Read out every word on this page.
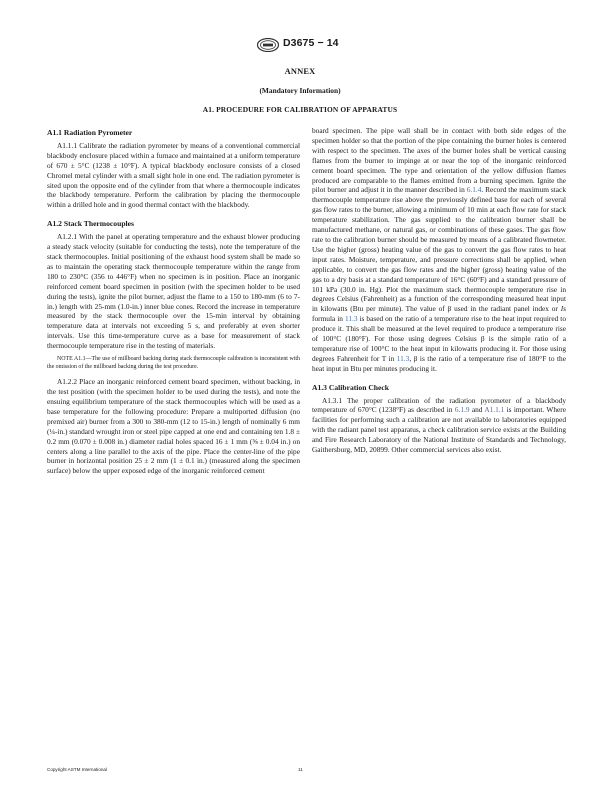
D3675 − 14
ANNEX
(Mandatory Information)
A1. PROCEDURE FOR CALIBRATION OF APPARATUS
A1.1 Radiation Pyrometer

A1.1.1 Calibrate the radiation pyrometer by means of a conventional commercial blackbody enclosure placed within a furnace and maintained at a uniform temperature of 670 ± 5°C (1238 ± 10°F). A typical blackbody enclosure consists of a closed Chromel metal cylinder with a small sight hole in one end. The radiation pyrometer is sited upon the opposite end of the cylinder from that where a thermocouple indicates the blackbody temperature. Perform the calibration by placing the thermocouple within a drilled hole and in good thermal contact with the blackbody.

A1.2 Stack Thermocouples

A1.2.1 With the panel at operating temperature and the exhaust blower producing a steady stack velocity (suitable for conducting the tests), note the temperature of the stack thermocouples. Initial positioning of the exhaust hood system shall be made so as to maintain the operating stack thermocouple temperature within the range from 180 to 230°C (356 to 446°F) when no specimen is in position. Place an inorganic reinforced cement board specimen in position (with the specimen holder to be used during the tests), ignite the pilot burner, adjust the flame to a 150 to 180-mm (6 to 7-in.) length with 25-mm (1.0-in.) inner blue cones. Record the increase in temperature measured by the stack thermocouple over the 15-min interval by obtaining temperature data at intervals not exceeding 5 s, and preferably at even shorter intervals. Use this time-temperature curve as a base for measurement of stack thermocouple temperature rise in the testing of materials.

NOTE A1.1—The use of millboard backing during stack thermocouple calibration is inconsistent with the omission of the millboard backing during the test procedure.

A1.2.2 Place an inorganic reinforced cement board specimen, without backing, in the test position (with the specimen holder to be used during the tests), and note the ensuing equilibrium temperature of the stack thermocouples which will be used as a base temperature for the following procedure: Prepare a multiported diffusion (no premixed air) burner from a 300 to 380-mm (12 to 15-in.) length of nominally 6 mm (¼-in.) standard wrought iron or steel pipe capped at one end and containing ten 1.8 ± 0.2 mm (0.070 ± 0.008 in.) diameter radial holes spaced 16 ± 1 mm (⅝ ± 0.04 in.) on centers along a line parallel to the axis of the pipe. Place the center-line of the pipe burner in horizontal position 25 ± 2 mm (1 ± 0.1 in.) (measured along the specimen surface) below the upper exposed edge of the inorganic reinforced cement

board specimen. The pipe wall shall be in contact with both side edges of the specimen holder so that the portion of the pipe containing the burner holes is centered with respect to the specimen. The axes of the burner holes shall be vertical causing flames from the burner to impinge at or near the top of the inorganic reinforced cement board specimen. The type and orientation of the yellow diffusion flames produced are comparable to the flames emitted from a burning specimen. Ignite the pilot burner and adjust it in the manner described in 6.1.4. Record the maximum stack thermocouple temperature rise above the previously defined base for each of several gas flow rates to the burner, allowing a minimum of 10 min at each flow rate for stack temperature stabilization. The gas supplied to the calibration burner shall be manufactured methane, or natural gas, or combinations of these gases. The gas flow rate to the calibration burner should be measured by means of a calibrated flowmeter. Use the higher (gross) heating value of the gas to convert the gas flow rates to heat input rates. Moisture, temperature, and pressure corrections shall be applied, when applicable, to convert the gas flow rates and the higher (gross) heating value of the gas to a dry basis at a standard temperature of 16°C (60°F) and a standard pressure of 101 kPa (30.0 in. Hg). Plot the maximum stack thermocouple temperature rise in degrees Celsius (Fahrenheit) as a function of the corresponding measured heat input in kilowatts (Btu per minute). The value of β used in the radiant panel index or Is formula in 11.3 is based on the ratio of a temperature rise to the heat input required to produce it. This shall be measured at the level required to produce a temperature rise of 100°C (180°F). For those using degrees Celsius β is the simple ratio of a temperature rise of 100°C to the heat input in kilowatts producing it. For those using degrees Fahrenheit for T in 11.3, β is the ratio of a temperature rise of 180°F to the heat input in Btu per minutes producing it.

A1.3 Calibration Check

A1.3.1 The proper calibration of the radiation pyrometer of a blackbody temperature of 670°C (1238°F) as described in 6.1.9 and A1.1.1 is important. Where facilities for performing such a calibration are not available to laboratories equipped with the radiant panel test apparatus, a check calibration service exists at the Building and Fire Research Laboratory of the National Institute of Standards and Technology, Gaithersburg, MD, 20899. Other commercial services also exist.

Copyright ASTM International	11
